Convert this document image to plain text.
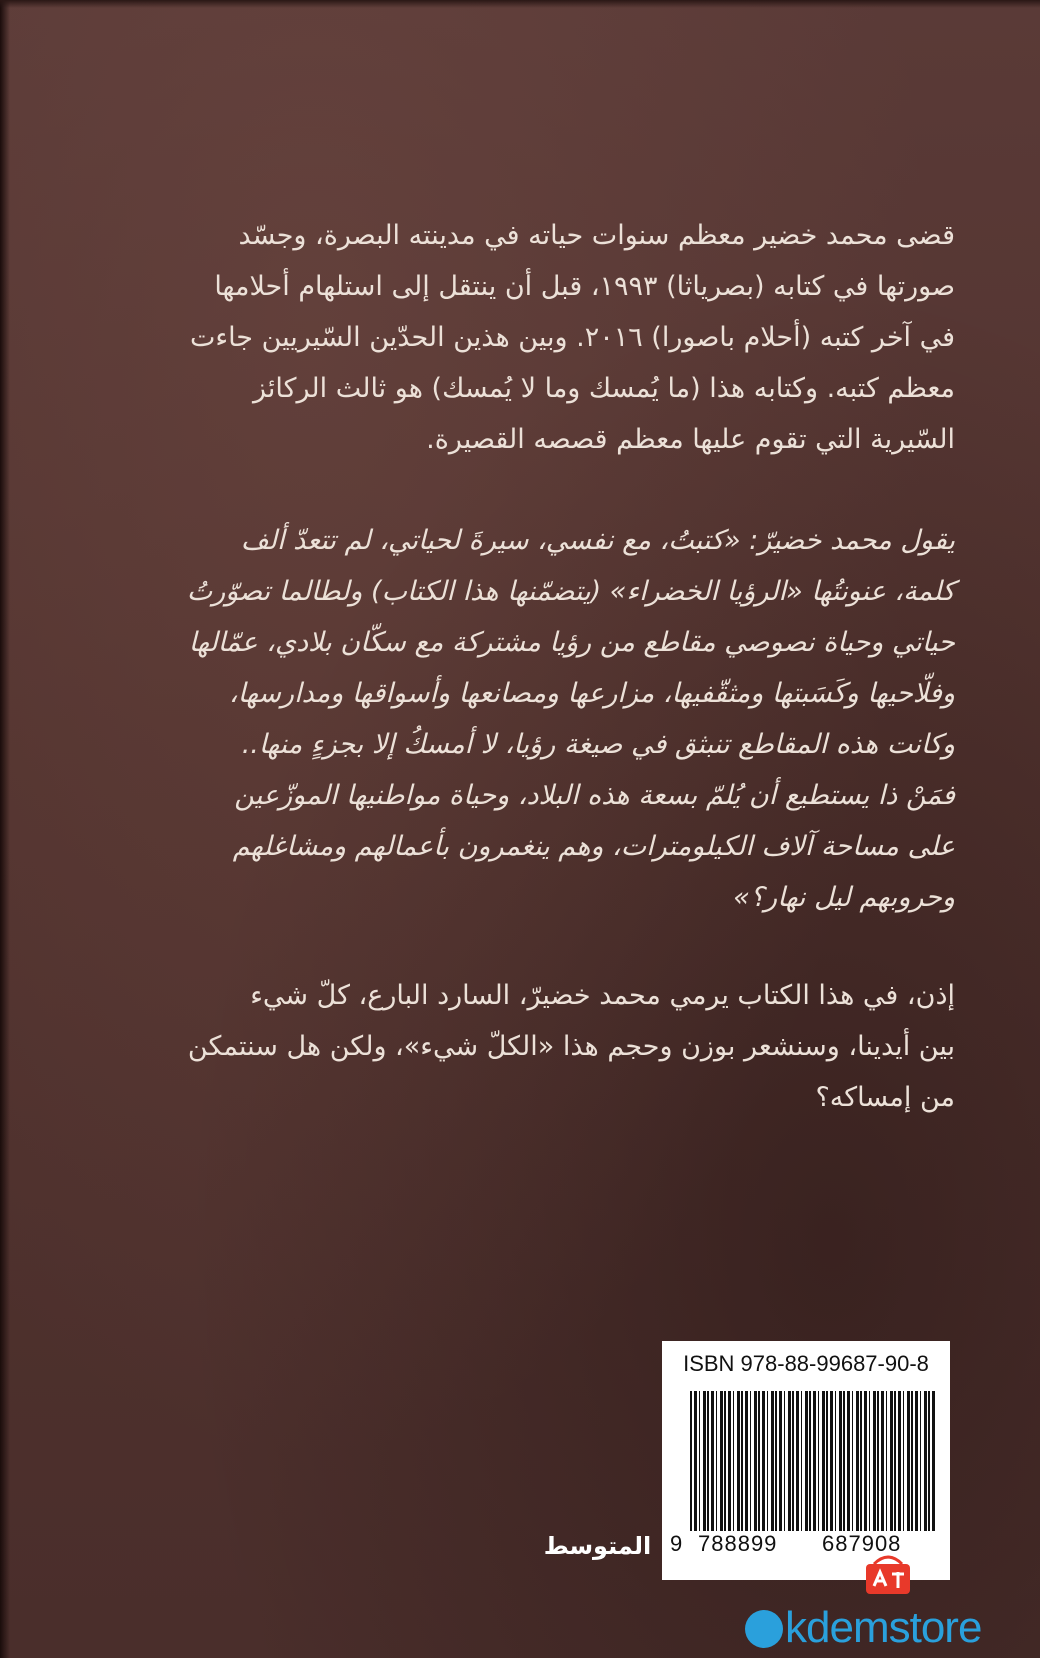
قضى محمد خضير معظم سنوات حياته في مدينته البصرة، وجسّد
صورتها في كتابه (بصرياثا) ١٩٩٣، قبل أن ينتقل إلى استلهام أحلامها
في آخر كتبه (أحلام باصورا) ٢٠١٦. وبين هذين الحدّين السّيريين جاءت
معظم كتبه. وكتابه هذا (ما يُمسك وما لا يُمسك) هو ثالث الركائز
السّيرية التي تقوم عليها معظم قصصه القصيرة.
يقول محمد خضيرّ: «كتبتُ، مع نفسي، سيرةَ لحياتي، لم تتعدّ ألف
كلمة، عنونتُها «الرؤيا الخضراء» (يتضمّنها هذا الكتاب) ولطالما تصوّرتُ
حياتي وحياة نصوصي مقاطع من رؤيا مشتركة مع سكّان بلادي، عمّالها
وفلّاحيها وكَسَبتها ومثقّفيها، مزارعها ومصانعها وأسواقها ومدارسها،
وكانت هذه المقاطع تنبثق في صيغة رؤيا، لا أمسكُ إلا بجزءٍ منها..
فمَنْ ذا يستطيع أن يُلمّ بسعة هذه البلاد، وحياة مواطنيها الموزّعين
على مساحة آلاف الكيلومترات، وهم ينغمرون بأعمالهم ومشاغلهم
وحروبهم ليل نهار؟»
إذن، في هذا الكتاب يرمي محمد خضيرّ، السارد البارع، كلّ شيء
بين أيدينا، وسنشعر بوزن وحجم هذا «الكلّ شيء»، ولكن هل سنتمكن
من إمساكه؟
ISBN 978-88-99687-90-8
9 788899 687908
المتوسط
kdemstore
